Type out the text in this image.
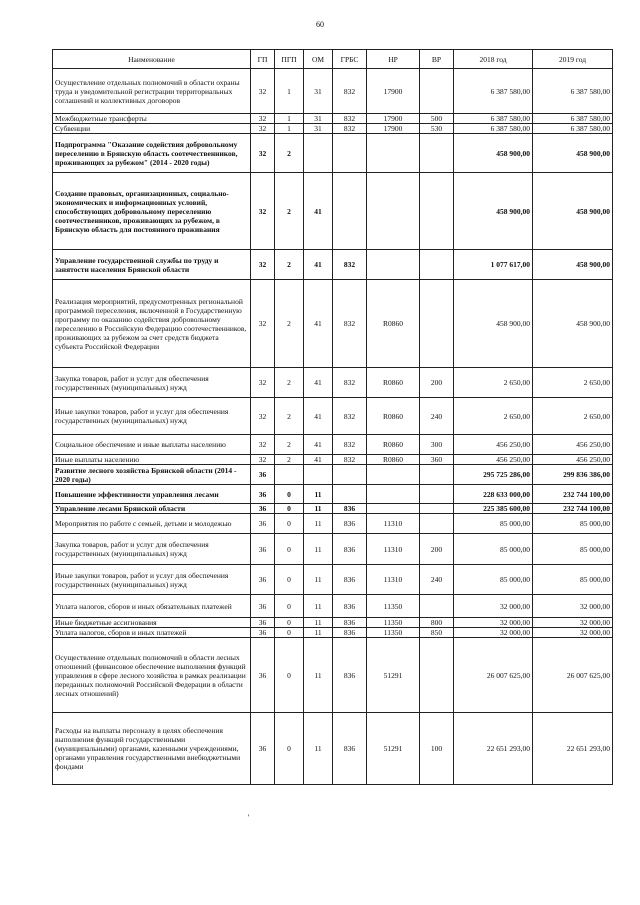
60
Наименование	ГП	ПГП	ОМ	ГРБС	НР	ВР	2018 год	2019 год
Осуществление отдельных полномочий в области охраны труда и уведомительной регистрации территориальных соглашений и коллективных договоров	32	1	31	832	17900		6 387 580,00	6 387 580,00
Межбюджетные трансферты	32	1	31	832	17900	500	6 387 580,00	6 387 580,00
Субвенции	32	1	31	832	17900	530	6 387 580,00	6 387 580,00
Подпрограмма "Оказание содействия добровольному переселению в Брянскую область соотечественников, проживающих за рубежом" (2014 - 2020 годы)	32	2					458 900,00	458 900,00
Создание правовых, организационных, социально-экономических и информационных условий, способствующих добровольному переселению соотечественников, проживающих за рубежом, в Брянскую область для постоянного проживания	32	2	41				458 900,00	458 900,00
Управление государственной службы по труду и занятости населения Брянской области	32	2	41	832			1 077 617,00	458 900,00
Реализация мероприятий, предусмотренных региональной программой переселения, включенной в Государственную программу по оказанию содействия добровольному переселению в Российскую Федерацию соотечественников, проживающих за рубежом за счет средств бюджета субъекта Российской Федерации	32	2	41	832	R0860		458 900,00	458 900,00
Закупка товаров, работ и услуг для обеспечения государственных (муниципальных) нужд	32	2	41	832	R0860	200	2 650,00	2 650,00
Иные закупки товаров, работ и услуг для обеспечения государственных (муниципальных) нужд	32	2	41	832	R0860	240	2 650,00	2 650,00
Социальное обеспечение и иные выплаты населению	32	2	41	832	R0860	300	456 250,00	456 250,00
Иные выплаты населению	32	2	41	832	R0860	360	456 250,00	456 250,00
Развитие лесного хозяйства Брянской области (2014 - 2020 годы)	36						295 725 286,00	299 836 386,00
Повышение эффективности управления лесами	36	0	11				228 633 000,00	232 744 100,00
Управление лесами Брянской области	36	0	11	836			225 385 600,00	232 744 100,00
Мероприятия по работе с семьей, детьми и молодежью	36	0	11	836	11310		85 000,00	85 000,00
Закупка товаров, работ и услуг для обеспечения государственных (муниципальных) нужд	36	0	11	836	11310	200	85 000,00	85 000,00
Иные закупки товаров, работ и услуг для обеспечения государственных (муниципальных) нужд	36	0	11	836	11310	240	85 000,00	85 000,00
Уплата налогов, сборов и иных обязательных платежей	36	0	11	836	11350		32 000,00	32 000,00
Иные бюджетные ассигнования	36	0	11	836	11350	800	32 000,00	32 000,00
Уплата налогов, сборов и иных платежей	36	0	11	836	11350	850	32 000,00	32 000,00
Осуществление отдельных полномочий в области лесных отношений (финансовое обеспечение выполнения функций управления в сфере лесного хозяйства в рамках реализации переданных полномочий Российской Федерации в области лесных отношений)	36	0	11	836	51291		26 007 625,00	26 007 625,00
Расходы на выплаты персоналу в целях обеспечения выполнения функций государственными (муниципальными) органами, казенными учреждениями, органами управления государственными внебюджетными фондами	36	0	11	836	51291	100	22 651 293,00	22 651 293,00
'
